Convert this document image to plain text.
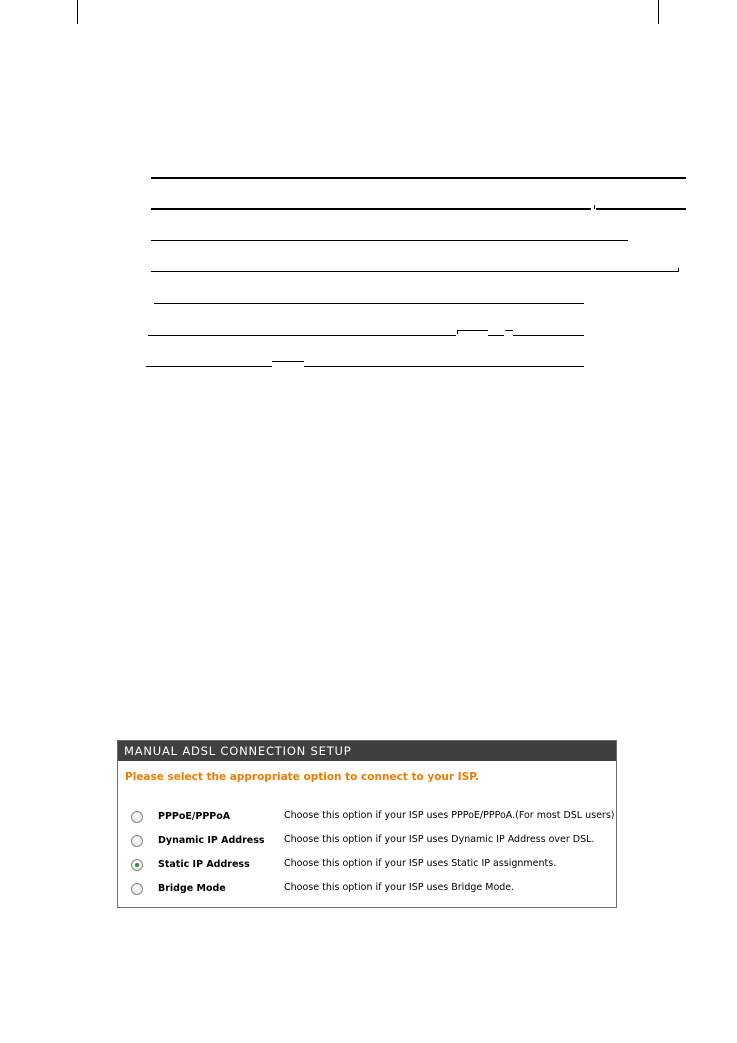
MANUAL ADSL CONNECTION SETUP
Please select the appropriate option to connect to your ISP.
PPPoE/PPPoA	Choose this option if your ISP uses PPPoE/PPPoA.(For most DSL users)
Dynamic IP Address Choose this option if your ISP uses Dynamic IP Address over DSL.
Static IP Address	Choose this option if your ISP uses Static IP assignments.
Bridge Mode	Choose this option if your ISP uses Bridge Mode.
